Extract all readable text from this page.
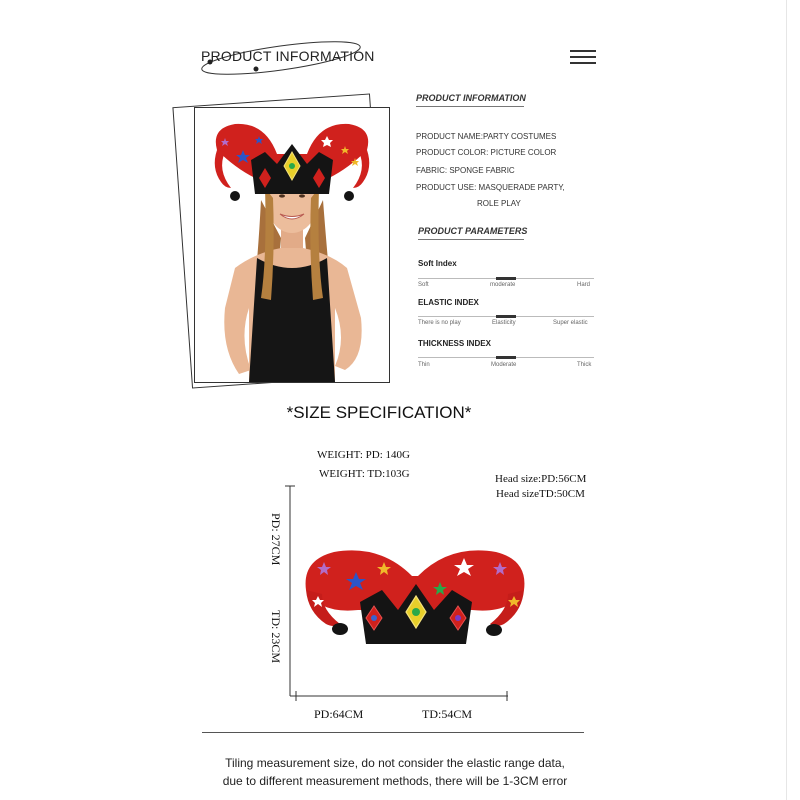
PRODUCT INFORMATION
PRODUCT INFORMATION
PRODUCT NAME:PARTY COSTUMES
PRODUCT COLOR: PICTURE COLOR
FABRIC: SPONGE FABRIC
PRODUCT USE: MASQUERADE PARTY,
ROLE PLAY
PRODUCT PARAMETERS
Soft Index
Soft	moderate	Hard
ELASTIC INDEX
There is no play	Elasticity	Super elastic
THICKNESS INDEX
Thin	Moderate	Thick
*SIZE SPECIFICATION*
WEIGHT: PD: 140G
WEIGHT: TD:103G	Head size:PD:56CM
Head sizeTD:50CM
PD: 27CM
TD: 23CM
PD:64CM	TD:54CM
Tiling measurement size, do not consider the elastic range data,
due to different measurement methods, there will be 1-3CM error
